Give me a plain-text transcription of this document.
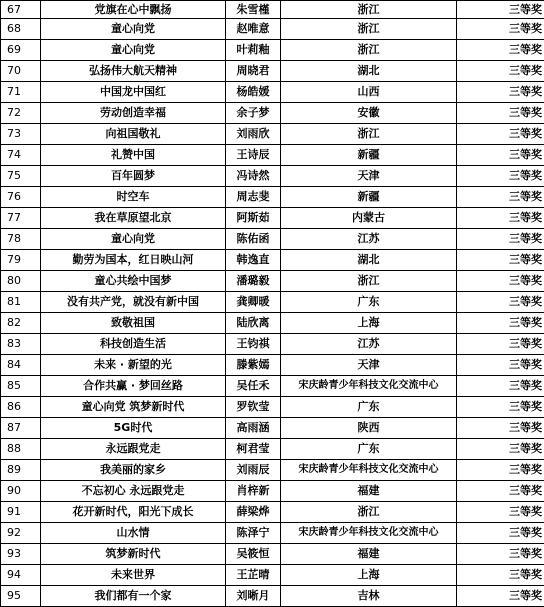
67	党旗在心中飘扬	朱雪槿	浙江	三等奖
68	童心向党	赵唯意	浙江	三等奖
69	童心向党	叶莉釉	浙江	三等奖
70	弘扬伟大航天精神	周晓君	湖北	三等奖
71	中国龙中国红	杨皓媛	山西	三等奖
72	劳动创造幸福	余子梦	安徽	三等奖
73	向祖国敬礼	刘雨欣	浙江	三等奖
74	礼赞中国	王诗辰	新疆	三等奖
75	百年圆梦	冯诗然	天津	三等奖
76	时空车	周志斐	新疆	三等奖
77	我在草原望北京	阿斯茹	内蒙古	三等奖
78	童心向党	陈佑函	江苏	三等奖
79	勤劳为国本，红日映山河	韩逸直	湖北	三等奖
80	童心共绘中国梦	潘璐毅	浙江	三等奖
81	没有共产党，就没有新中国	龚卿暖	广东	三等奖
82	致敬祖国	陆欣离	上海	三等奖
83	科技创造生活	王钧祺	江苏	三等奖
84	未来 · 新望的光	滕紫嫣	天津	三等奖
85	合作共赢 · 梦回丝路	吴任禾	宋庆龄青少年科技文化交流中心	三等奖
86	童心向党 筑梦新时代	罗钦莹	广东	三等奖
87	5G时代	高雨涵	陕西	三等奖
88	永远跟党走	柯君莹	广东	三等奖
89	我美丽的家乡	刘雨辰	宋庆龄青少年科技文化交流中心	三等奖
90	不忘初心 永远跟党走	肖梓新	福建	三等奖
91	花开新时代，阳光下成长	薛梁烨	浙江	三等奖
92	山水情	陈泽宁	宋庆龄青少年科技文化交流中心	三等奖
93	筑梦新时代	吴筱恒	福建	三等奖
94	未来世界	王芷晴	上海	三等奖
95	我们都有一个家	刘晰月	吉林	三等奖
